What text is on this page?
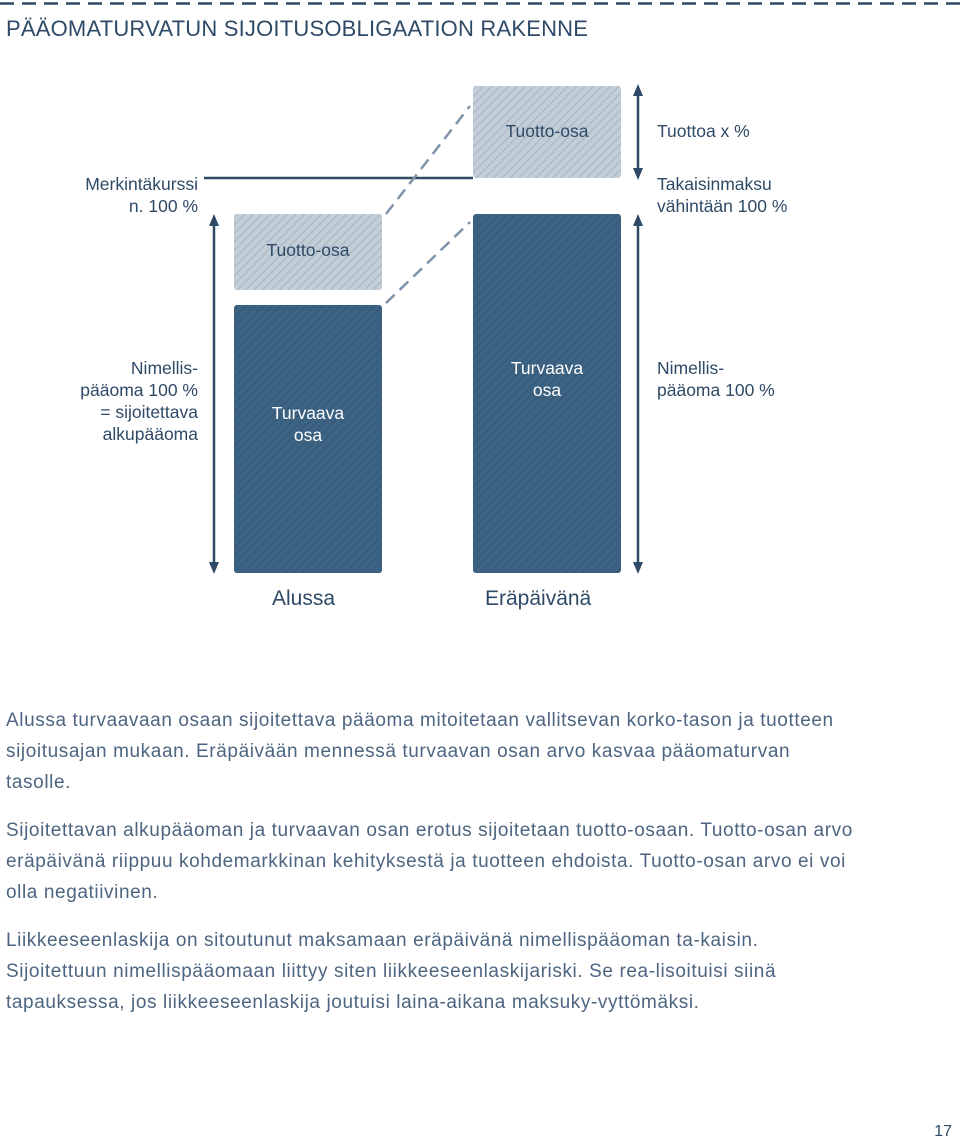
PÄÄOMATURVATUN SIJOITUSOBLIGAATION RAKENNE
Merkintäkurssi
n. 100 %
Nimellis-
pääoma 100 %
= sijoitettava
alkupääoma
Tuottoa x %
Takaisinmaksu
vähintään 100 %
Nimellis-
pääoma 100 %
Tuotto-osa
Turvaava
osa
Tuotto-osa
Turvaava
osa
Alussa	Eräpäivänä
Alussa turvaavaan osaan sijoitettava pääoma mitoitetaan vallitsevan korko-tason ja tuotteen sijoitusajan mukaan. Eräpäivään mennessä turvaavan osan arvo kasvaa pääomaturvan tasolle.
Sijoitettavan alkupääoman ja turvaavan osan erotus sijoitetaan tuotto-osaan. Tuotto-osan arvo eräpäivänä riippuu kohdemarkkinan kehityksestä ja tuotteen ehdoista. Tuotto-osan arvo ei voi olla negatiivinen.
Liikkeeseenlaskija on sitoutunut maksamaan eräpäivänä nimellispääoman ta-kaisin. Sijoitettuun nimellispääomaan liittyy siten liikkeeseenlaskijariski. Se rea-lisoituisi siinä tapauksessa, jos liikkeeseenlaskija joutuisi laina-aikana maksuky-vyttömäksi.
17
